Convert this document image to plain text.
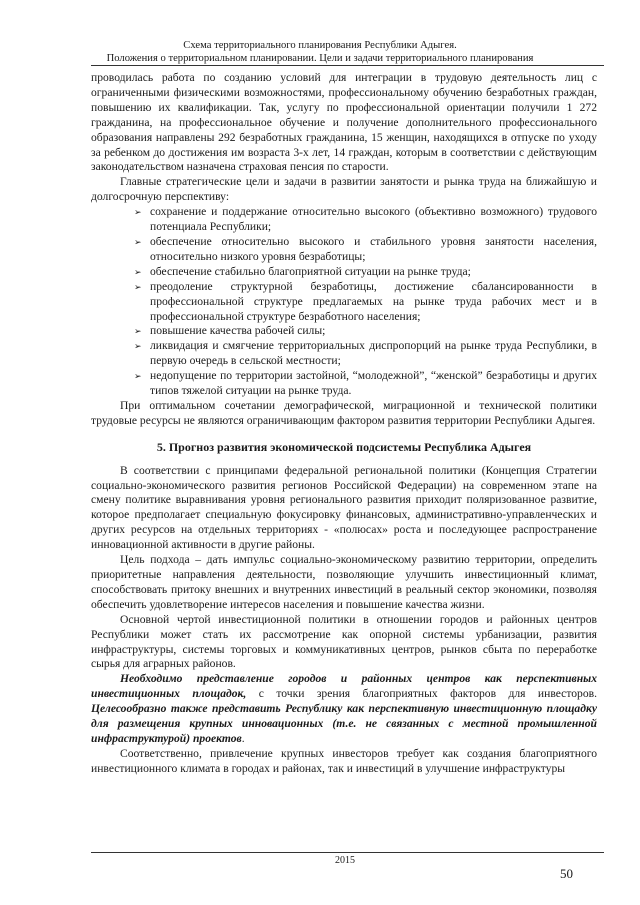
Схема территориального планирования Республики Адыгея.
Положения о территориальном планировании. Цели и задачи территориального планирования

проводилась работа по созданию условий для интеграции в трудовую деятельность лиц с ограниченными физическими возможностями, профессиональному обучению безработных граждан, повышению их квалификации. Так, услугу по профессиональной ориентации получили 1 272 гражданина, на профессиональное обучение и получение дополнительного профессионального образования направлены 292 безработных гражданина, 15 женщин, находящихся в отпуске по уходу за ребенком до достижения им возраста 3-х лет, 14 граждан, которым в соответствии с действующим законодательством назначена страховая пенсия по старости.

Главные стратегические цели и задачи в развитии занятости и рынка труда на ближайшую и долгосрочную перспективу:

➢ сохранение и поддержание относительно высокого (объективно возможного) трудового потенциала Республики;
➢ обеспечение относительно высокого и стабильного уровня занятости населения, относительно низкого уровня безработицы;
➢ обеспечение стабильно благоприятной ситуации на рынке труда;
➢ преодоление структурной безработицы, достижение сбалансированности в профессиональной структуре предлагаемых на рынке труда рабочих мест и в профессиональной структуре безработного населения;
➢ повышение качества рабочей силы;
➢ ликвидация и смягчение территориальных диспропорций на рынке труда Республики, в первую очередь в сельской местности;
➢ недопущение по территории застойной, “молодежной”, “женской” безработицы и других типов тяжелой ситуации на рынке труда.

При оптимальном сочетании демографической, миграционной и технической политики трудовые ресурсы не являются ограничивающим фактором развития территории Республики Адыгея.

5. Прогноз развития экономической подсистемы Республика Адыгея

В соответствии с принципами федеральной региональной политики (Концепция Стратегии социально-экономического развития регионов Российской Федерации) на современном этапе на смену политике выравнивания уровня регионального развития приходит поляризованное развитие, которое предполагает специальную фокусировку финансовых, административно-управленческих и других ресурсов на отдельных территориях - «полюсах» роста и последующее распространение инновационной активности в другие районы.

Цель подхода – дать импульс социально-экономическому развитию территории, определить приоритетные направления деятельности, позволяющие улучшить инвестиционный климат, способствовать притоку внешних и внутренних инвестиций в реальный сектор экономики, позволяя обеспечить удовлетворение интересов населения и повышение качества жизни.

Основной чертой инвестиционной политики в отношении городов и районных центров Республики может стать их рассмотрение как опорной системы урбанизации, развития инфраструктуры, системы торговых и коммуникативных центров, рынков сбыта по переработке сырья для аграрных районов.

Необходимо представление городов и районных центров как перспективных инвестиционных площадок, с точки зрения благоприятных факторов для инвесторов. Целесообразно также представить Республику как перспективную инвестиционную площадку для размещения крупных инновационных (т.е. не связанных с местной промышленной инфраструктурой) проектов.

Соответственно, привлечение крупных инвесторов требует как создания благоприятного инвестиционного климата в городах и районах, так и инвестиций в улучшение инфраструктуры

2015
50
